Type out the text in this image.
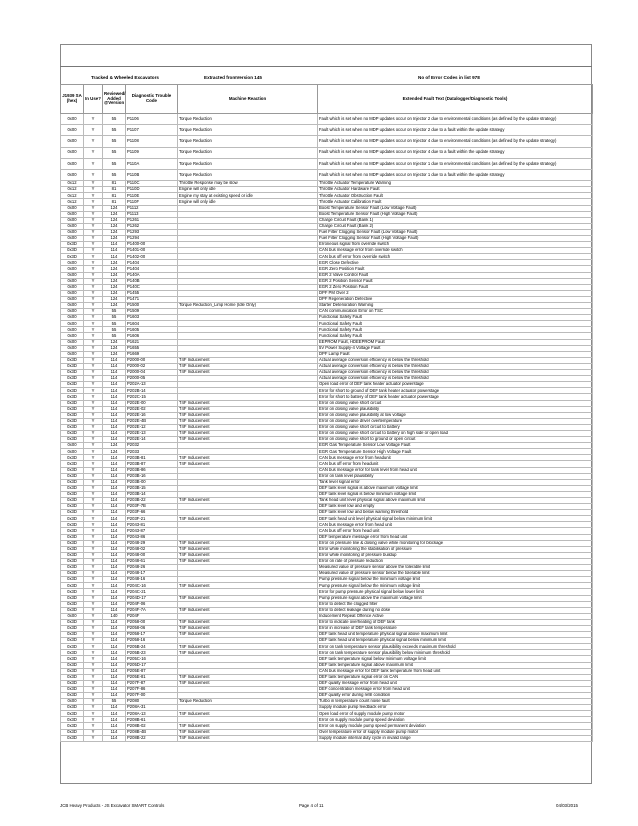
Tracked & Wheeled Excavators	Extracted fromVersion 145	No of Error Codes in list 978
J1939 SA (hex)	In Use?	Reviewed/ Added @Version	Diagnostic Trouble Code	Machine Reaction	Extended Fault Text (Datalogger/Diagnostic Tools)
0x00	Y	55	P1106	Torque Reduction	Fault which is set when no MDP updates occur on Injector 2 due to environmental conditions (as defined by the update strategy)
0x00	Y	55	P1107	Torque Reduction	Fault which is set when no MDP updates occur on Injector 2 due to a fault within the update strategy
0x00	Y	55	P1108	Torque Reduction	Fault which is set when no MDP updates occur on Injector 4 due to environmental conditions (as defined by the update strategy)
0x00	Y	55	P1109	Torque Reduction	Fault which is set when no MDP updates occur on Injector 4 due to a fault within the update strategy
0x00	Y	55	P110A	Torque Reduction	Fault which is set when no MDP updates occur on Injector 1 due to environmental conditions (as defined by the update strategy)
0x00	Y	55	P110B	Torque Reduction	Fault which is set when no MDP updates occur on Injector 1 due to a fault within the update strategy
0x12	Y	81	P110C	Throttle Response may be slow	Throttle Actuator Temperature Warning
0x12	Y	81	P110D	Engine will only idle	Throttle Actuator Hardware Fault
0x12	Y	81	P110E	Engine my stay at existing speed or idle	Throttle Actuator Obstruction Fault
0x12	Y	81	P110F	Engine will only idle	Throttle Actuator Calibration Fault
0x00	Y	124	P1112		Boost Temperature Sensor Fault (Low Voltage Fault)
0x00	Y	124	P1113		Boost Temperature Sensor Fault (High Voltage Fault)
0x00	Y	124	P1261		Charge Circuit Fault (Bank 1)
0x00	Y	124	P1262		Charge Circuit Fault (Bank 2)
0x00	Y	124	P1293		Fuel Filter Clogging Sensor Fault (Low Voltage Fault)
0x00	Y	124	P1294		Fuel Filter Clogging Sensor Fault (High Voltage Fault)
0x3D	Y	114	P1400-00		Erroneous signal from override switch
0x3D	Y	114	P1401-00		CAN bus message error from override switch
0x3D	Y	114	P1402-00		CAN bus off error from override switch
0x00	Y	124	P1404		EGR Close Defective
0x00	Y	124	P1404		EGR Zero Position Fault
0x00	Y	124	P140A		EGR 2 Valve Control Fault
0x00	Y	124	P140B		EGR 2 Position Sensor Fault
0x00	Y	124	P140C		EGR 2 Zero Position Fault
0x00	Y	124	P1455		DPF PM Over 2
0x00	Y	124	P1471		DPF Regeneration Defective
0x00	Y	124	P1500	Torque Reduction_Limp Home (Idle Only)	Starter Deterioration Warning
0x00	Y	55	P1509		CAN communication Error on TSC
0x00	Y	55	P1603		Functional Safety Fault
0x00	Y	55	P1604		Functional Safety Fault
0x00	Y	55	P1605		Functional Safety Fault
0x00	Y	55	P1606		Functional Safety Fault
0x00	Y	124	P1621		EEPROM Fault, HDEEPROM Fault
0x00	Y	124	P1655		5V Power Supply-4 Voltage Fault
0x00	Y	124	P1669		DPF Lamp Fault
0x3D	Y	114	P2000-00	T4F Inducement	Actual average conversion efficiency is below the threshold
0x3D	Y	114	P2000-02	T4F Inducement	Actual average conversion efficiency is below the threshold
0x3D	Y	114	P2000-04	T4F Inducement	Actual average conversion efficiency is below the threshold
0x3D	Y	114	P2000-05		Actual average conversion efficiency is below the threshold
0x3D	Y	114	P202A-13		Open load error of DEF tank heater actuator powerstage
0x3D	Y	114	P202B-14		Error for short to ground of DEF tank heater actuator powerstage
0x3D	Y	114	P202C-15		Error for short to battery of DEF tank heater actuator powerstage
0x3D	Y	114	P202E-00	T4F Inducement	Error on dosing valve short circuit
0x3D	Y	114	P202E-02	T4F Inducement	Error on dosing valve plausibility
0x3D	Y	114	P202E-16	T4F Inducement	Error on dosing valve plausibility at low voltage
0x3D	Y	114	P202E-4B	T4F Inducement	Error on dosing valve driver overtemperature
0x3D	Y	114	P202E-12	T4F Inducement	Error on dosing valve short circuit to battery
0x3D	Y	114	P202E-13	T4F Inducement	Error on dosing valve short circuit to battery on high side or open load
0x3D	Y	114	P202E-14	T4F Inducement	Error on dosing valve short to ground or open circuit
0x00	Y	124	P2032		EGR Gas Temperature Sensor Low Voltage Fault
0x00	Y	124	P2033		EGR Gas Temperature Sensor High Voltage Fault
0x3D	Y	114	P203B-81	T4F Inducement	CAN bus message error from headunit
0x3D	Y	114	P203B-87	T4F Inducement	CAN bus off error from headunit
0x3D	Y	114	P203B-86		CAN bus message error for tank level from head unit
0x3D	Y	114	P203B-16		Error on tank level plausibility
0x3D	Y	114	P203B-00		Tank level signal error
0x3D	Y	114	P203B-15		DEF tank level signal is above maximum voltage limit
0x3D	Y	114	P203B-14		DEF tank level signal is below minimum voltage limit
0x3D	Y	114	P203B-22	T4F Inducement	Tank head unit level physical signal above maximum limit
0x3D	Y	114	P203F-7B		DEF tank level low and empty
0x3D	Y	114	P203F-66		DEF tank level low and below warning threshold
0x3D	Y	114	P203F-21	T4F Inducement	DEF tank head unit level physical signal below minimum limit
0x3D	Y	114	P2043-81		CAN bus message error from head unit
0x3D	Y	114	P2043-87		CAN bus off error from head unit
0x3D	Y	114	P2043-86		DEF temperature message error from head unit
0x3D	Y	114	P2048-29	T4F Inducement	Error on pressure line & dosing valve while monitoring for blockage
0x3D	Y	114	P2048-02	T4F Inducement	Error while monitoring the stabilisation of pressure
0x3D	Y	114	P2048-00	T4F Inducement	Error while monitoring of pressure buildup
0x3D	Y	114	P2048-61	T4F Inducement	Error on rate of pressure reduction
0x3D	Y	114	P2048-26		Measured value of pressure sensor above the tolerable limit
0x3D	Y	114	P2048-17		Measured value of pressure sensor below the tolerable limit
0x3D	Y	114	P2048-16		Pump pressure signal below the minimum voltage limit
0x3D	Y	114	P204C-16	T4F Inducement	Pump pressure signal below the minimum voltage limit
0x3D	Y	114	P204C-21		Error for pump pressure physical signal below lower limit
0x3D	Y	114	P204D-17	T4F Inducement	Pump pressure signal above the maximum voltage limit
0x3D	Y	114	P204F-06		Error to detect the clogged filter
0x3D	Y	114	P204F-7A	T4F Inducement	Error to detect leakage during no dose
0x00	Y	140	P204F		Inducement Repeat Offence Active
0x3D	Y	114	P2058-00	T4F Inducement	Error to indicate overheating of DEF tank
0x3D	Y	114	P2058-06	T4F Inducement	Error in increase of DEF tank temperature
0x3D	Y	114	P2058-17	T4F Inducement	DEF tank head unit temperature physical signal above maximum limit
0x3D	Y	114	P2058-16		DEF tank head unit temperature physical signal below minimum limit
0x3D	Y	114	P205B-24	T4F Inducement	Error on tank temperature sensor plausibility exceeds maximum threshold
0x3D	Y	114	P205B-23	T4F Inducement	Error on tank temperature sensor plausibility below minimum threshold
0x3D	Y	114	P205C-16		DEF tank temperature signal below minimum voltage limit
0x3D	Y	114	P205D-17		DEF tank temperature signal above maximum limit
0x3D	Y	114	P205E-87		CAN bus message error for DEF tank temperature from head unit
0x3D	Y	114	P205E-81	T4F Inducement	DEF tank temperature signal error on CAN
0x3D	Y	114	P207F-87	T4F Inducement	DEF quality message error from head unit
0x3D	Y	114	P207F-86		DEF concentration message error from head unit
0x3D	Y	114	P207F-00		DEF quality error during refill condition
0x00	Y	55	P2080	Torque Reduction	Turbo in temperature count noise fault
0x3D	Y	114	P208A-31		Supply module pump feedback error
0x3D	Y	114	P208A-13	T4F Inducement	Open load error of supply module pump motor
0x3D	Y	114	P208B-61		Error on supply module pump speed deviation
0x3D	Y	114	P208B-02	T4F Inducement	Error on supply module pump speed permanent deviation
0x3D	Y	114	P208B-4B	T4F Inducement	Over temperature error of supply module pump motor
0x3D	Y	114	P208B-22	T4F Inducement	Supply module internal duty cycle in invalid range
JCB Heavy Products - JS Excavator SMART Controls	Page 4 of 11	04/03/2015
